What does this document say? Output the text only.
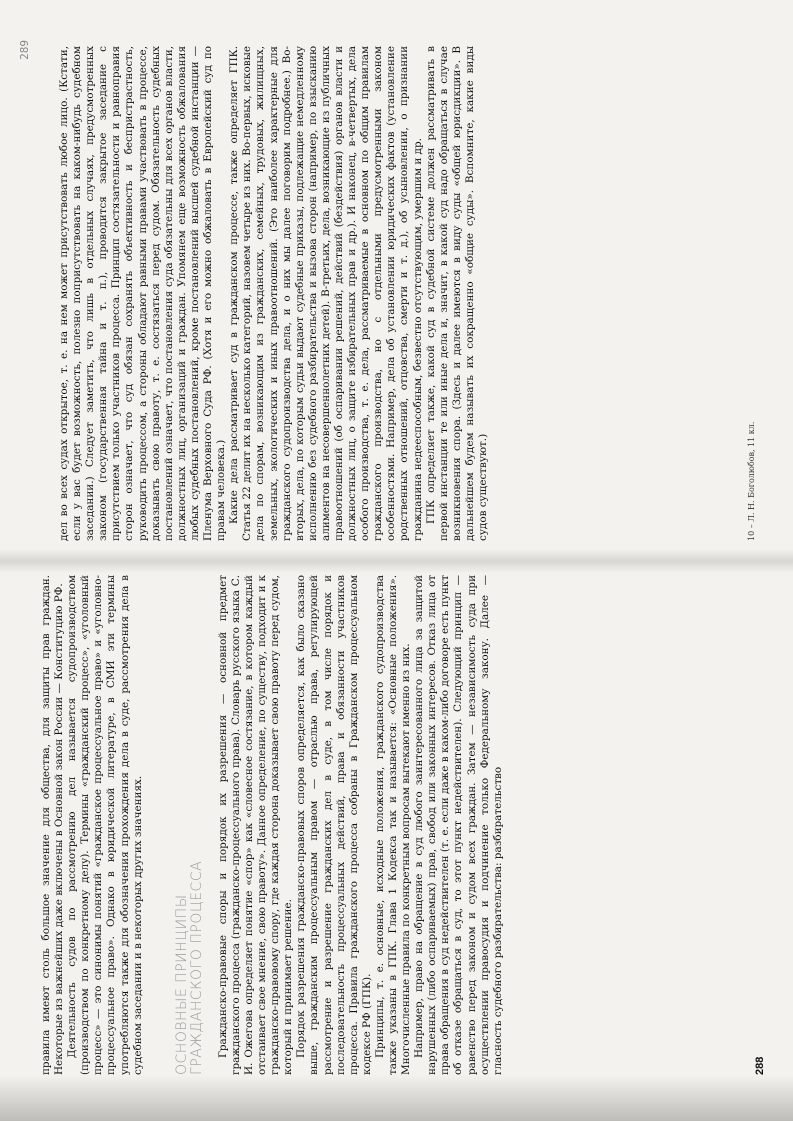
правила имеют столь большое значение для общества, для защиты прав граждан. Некоторые из важнейших даже включены в Основной закон России — Конституцию РФ. Деятельность судов по рассмотрению дел называется судопроизводством (производством по конкретному делу). Термины «гражданский процесс», «уголовный процесс» — это синонимы понятий «гражданское процессуальное право» и «уголовно-процессуальное право». Однако в юридической литературе, в СМИ эти термины употребляются также для обозначения прохождения дела в суде, рассмотрения дела в судебном заседании и в некоторых других значениях. ОСНОВНЫЕ ПРИНЦИПЫ ГРАЖДАНСКОГО ПРОЦЕССА Гражданско-правовые споры и порядок их разрешения — основной предмет гражданского процесса (гражданско-процессуального права). Словарь русского языка С. И. Ожегова определяет понятие «спор» как «словесное состязание, в котором каждый отстаивает свое мнение, свою правоту». Данное определение, по существу, подходит и к гражданско-правовому спору, где каждая сторона доказывает свою правоту перед судом, который и принимает решение. Порядок разрешения гражданско-правовых споров определяется, как было сказано выше, гражданским процессуальным правом — отраслью права, регулирующей рассмотрение и разрешение гражданских дел в суде, в том числе порядок и последовательность процессуальных действий, права и обязанности участников процесса. Правила гражданского процесса собраны в Гражданском процессуальном кодексе РФ (ГПК). Принципы, т. е. основные, исходные положения, гражданского судопроизводства также указаны в ГПК. Глава 1 Кодекса так и называется: «Основные положения». Многочисленные правила по конкретным вопросам вытекают именно из них. Например, право на обращение в суд любого заинтересованного лица за защитой нарушенных (либо оспариваемых) прав, свобод или законных интересов. Отказ лица от права обращения в суд недействителен (т. е. если даже в каком-либо договоре есть пункт об отказе обращаться в суд, то этот пункт недействителен). Следующий принцип — равенство перед законом и судом всех граждан. Затем — независимость суда при осуществлении правосудия и подчинение только Федеральному закону. Далее — гласность судебного разбирательства: разбирательство	288
289	дел во всех судах открытое, т. е. на нем может присутствовать любое лицо. (Кстати, если у вас будет возможность, полезно поприсутствовать на каком-нибудь судебном заседании.) Следует заметить, что лишь в отдельных случаях, предусмотренных законом (государственная тайна и т. п.), проводится закрытое заседание с присутствием только участников процесса. Принцип состязательности и равноправия сторон означает, что суд обязан сохранять объективность и беспристрастность, руководить процессом, а стороны обладают равными правами участвовать в процессе, доказывать свою правоту, т. е. состязаться перед судом. Обязательность судебных постановлений означает, что постановления суда обязательны для всех органов власти, должностных лиц, организаций и граждан. Упомянем еще возможность обжалования любых судебных постановлений, кроме постановлений высшей судебной инстанции — Пленума Верховного Суда РФ. (Хотя и его можно обжаловать в Европейский суд по правам человека.) Какие дела рассматривает суд в гражданском процессе, также определяет ГПК. Статья 22 делит их на несколько категорий, назовем четыре из них. Во-первых, исковые дела по спорам, возникающим из гражданских, семейных, трудовых, жилищных, земельных, экологических и иных правоотношений. (Это наиболее характерные для гражданского судопроизводства дела, и о них мы далее поговорим подробнее.) Во-вторых, дела, по которым судьи выдают судебные приказы, подлежащие немедленному исполнению без судебного разбирательства и вызова сторон (например, по взысканию алиментов на несовершеннолетних детей). В-третьих, дела, возникающие из публичных правоотношений (об оспаривании решений, действий (бездействия) органов власти и должностных лиц, о защите избирательных прав и др.). И наконец, в-четвертых, дела особого производства, т. е. дела, рассматриваемые в основном по общим правилам гражданского производства, но с отдельными предусмотренными законом особенностями. Например, дела об установлении юридических фактов (установление родственных отношений, отцовства, смерти и т. д.), об усыновлении, о признании гражданина недееспособным, безвестно отсутствующим, умершим и др. ГПК определяет также, какой суд в судебной системе должен рассматривать в первой инстанции те или иные дела и, значит, в какой суд надо обращаться в случае возникновения спора. (Здесь и далее имеются в виду суды «общей юрисдикции». В дальнейшем будем называть их сокращенно «общие суды». Вспомните, какие виды судов существуют.)	10 – Л. Н. Боголюбов, 11 кл.
